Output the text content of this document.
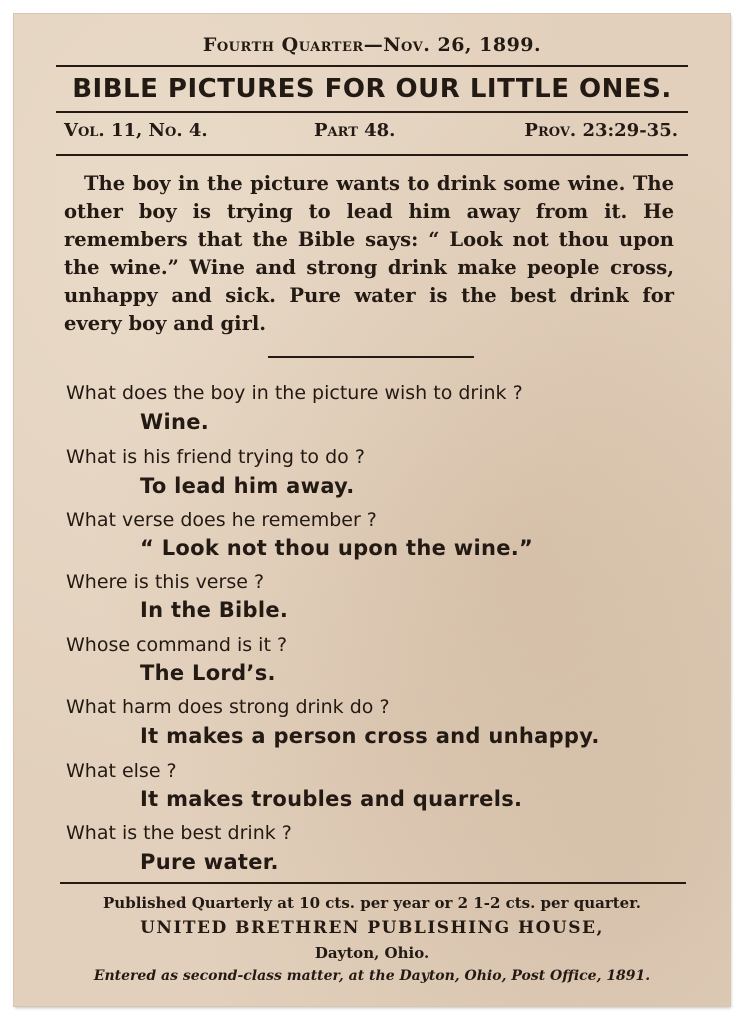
Fourth Quarter—Nov. 26, 1899.
BIBLE PICTURES FOR OUR LITTLE ONES.
Vol. 11, No. 4.	Part 48.	Prov. 23:29-35.

The boy in the picture wants to drink some wine. The other boy is trying to lead him away from it. He remembers that the Bible says: “ Look not thou upon the wine.” Wine and strong drink make people cross, unhappy and sick. Pure water is the best drink for every boy and girl.

What does the boy in the picture wish to drink ?
Wine.
What is his friend trying to do ?
To lead him away.
What verse does he remember ?
“ Look not thou upon the wine.”
Where is this verse ?
In the Bible.
Whose command is it ?
The Lord’s.
What harm does strong drink do ?
It makes a person cross and unhappy.
What else ?
It makes troubles and quarrels.
What is the best drink ?
Pure water.
Published Quarterly at 10 cts. per year or 2 1-2 cts. per quarter.
UNITED BRETHREN PUBLISHING HOUSE,
Dayton, Ohio.
Entered as second-class matter, at the Dayton, Ohio, Post Office, 1891.
